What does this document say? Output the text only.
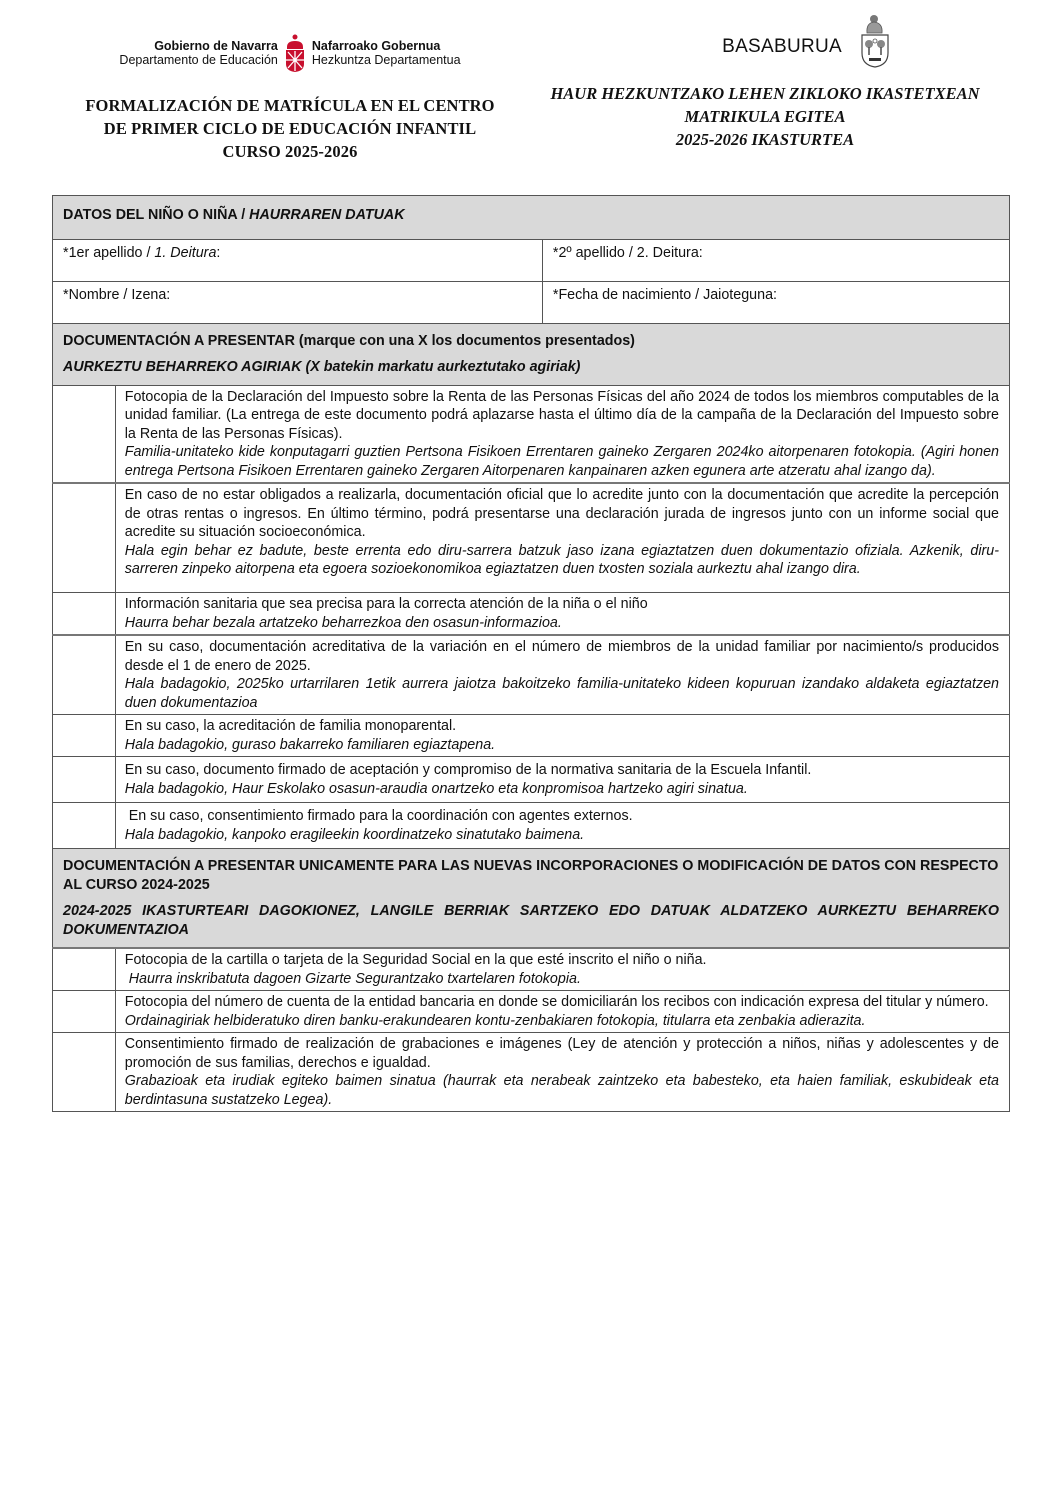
Gobierno de Navarra
Departamento de Educación
Nafarroako Gobernua
Hezkuntza Departamentua
FORMALIZACIÓN DE MATRÍCULA EN EL CENTRO
DE PRIMER CICLO DE EDUCACIÓN INFANTIL
CURSO 2025-2026
BASABURUA
HAUR HEZKUNTZAKO LEHEN ZIKLOKO IKASTETXEAN
MATRIKULA EGITEA
2025-2026 IKASTURTEA
DATOS DEL NIÑO O NIÑA / HAURRAREN DATUAK		
*1er apellido / 1. Deitura:		*2º apellido / 2. Deitura:
*Nombre / Izena:		*Fecha de nacimiento / Jaioteguna:

DOCUMENTACIÓN A PRESENTAR (marque con una X los documentos presentados)

AURKEZTU BEHARREKO AGIRIAK (X batekin markatu aurkeztutako agiriak)		

	Fotocopia de la Declaración del Impuesto sobre la Renta de las Personas Físicas del año 2024 de todos los miembros computables de la unidad familiar. (La entrega de este documento podrá aplazarse hasta el último día de la campaña de la Declaración del Impuesto sobre la Renta de las Personas Físicas).
Familia-unitateko kide konputagarri guztien Pertsona Fisikoen Errentaren gaineko Zergaren 2024ko aitorpenaren fotokopia. (Agiri honen entrega Pertsona Fisikoen Errentaren gaineko Zergaren Aitorpenaren kanpainaren azken egunera arte atzeratu ahal izango da).	

	En caso de no estar obligados a realizarla, documentación oficial que lo acredite junto con la documentación que acredite la percepción de otras rentas o ingresos. En último término, podrá presentarse una declaración jurada de ingresos junto con un informe social que acredite su situación socioeconómica.
Hala egin behar ez badute, beste errenta edo diru-sarrera batzuk jaso izana egiaztatzen duen dokumentazio ofiziala. Azkenik, diru-sarreren zinpeko aitorpena eta egoera sozioekonomikoa egiaztatzen duen txosten soziala aurkeztu ahal izango dira.	

	Información sanitaria que sea precisa para la correcta atención de la niña o el niño
Haurra behar bezala artatzeko beharrezkoa den osasun-informazioa.	

	En su caso, documentación acreditativa de la variación en el número de miembros de la unidad familiar por nacimiento/s producidos desde el 1 de enero de 2025.
Hala badagokio, 2025ko urtarrilaren 1etik aurrera jaiotza bakoitzeko familia-unitateko kideen kopuruan izandako aldaketa egiaztatzen duen dokumentazioa	

	En su caso, la acreditación de familia monoparental.
Hala badagokio, guraso bakarreko familiaren egiaztapena.	

	En su caso, documento firmado de aceptación y compromiso de la normativa sanitaria de la Escuela Infantil.
Hala badagokio, Haur Eskolako osasun-araudia onartzeko eta konpromisoa hartzeko agiri sinatua.	

	En su caso, consentimiento firmado para la coordinación con agentes externos.
Hala badagokio, kanpoko eragileekin koordinatzeko sinatutako baimena.	

DOCUMENTACIÓN A PRESENTAR UNICAMENTE PARA LAS NUEVAS INCORPORACIONES O MODIFICACIÓN DE DATOS CON RESPECTO AL CURSO 2024-2025

2024-2025 IKASTURTEARI DAGOKIONEZ, LANGILE BERRIAK SARTZEKO EDO DATUAK ALDATZEKO AURKEZTU BEHARREKO DOKUMENTAZIOA		

	Fotocopia de la cartilla o tarjeta de la Seguridad Social en la que esté inscrito el niño o niña.
Haurra inskribatuta dagoen Gizarte Segurantzako txartelaren fotokopia.	

	Fotocopia del número de cuenta de la entidad bancaria en donde se domiciliarán los recibos con indicación expresa del titular y número.
Ordainagiriak helbideratuko diren banku-erakundearen kontu-zenbakiaren fotokopia, titularra eta zenbakia adierazita.	

	Consentimiento firmado de realización de grabaciones e imágenes (Ley de atención y protección a niños, niñas y adolescentes y de promoción de sus familias, derechos e igualdad.
Grabazioak eta irudiak egiteko baimen sinatua (haurrak eta nerabeak zaintzeko eta babesteko, eta haien familiak, eskubideak eta berdintasuna sustatzeko Legea).	
